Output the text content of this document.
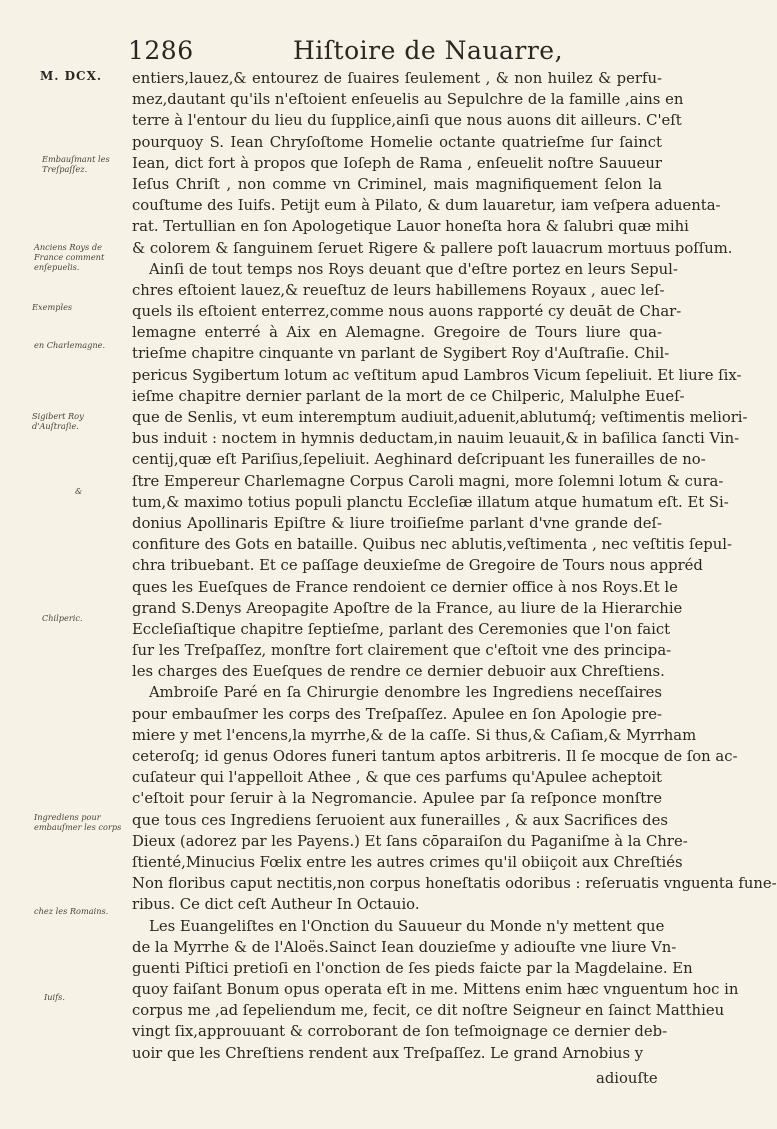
1286	Hiſtoire de Nauarre,
M. DCX.
Embauſmant les Treſpaſſez.
Anciens Roys de France comment enſepuelis.
Exemples
en Charlemagne.
Sigibert Roy d'Auſtraſie.
&
Chilperic.
Ingrediens pour embauſmer les corps
chez les Romains.
Iuifs.
entiers,lauez,& entourez de ſuaires ſeulement , & non huilez & perfu-
mez,dautant qu'ils n'eſtoient enſeuelis au Sepulchre de la famille ,ains en
terre à l'entour du lieu du ſupplice,ainſi que nous auons dit ailleurs. C'eſt
pourquoy S. Iean Chryſoſtome Homelie octante quatrieſme ſur ſainct
Iean, dict fort à propos que Ioſeph de Rama , enſeuelit noſtre Sauueur
Ieſus Chriſt , non comme vn Criminel, mais magnifiquement ſelon la
couſtume des Iuifs. Petijt eum à Pilato, & dum lauaretur, iam veſpera aduenta-
rat. Tertullian en ſon Apologetique Lauor honeſta hora & ſalubri quæ mihi
& colorem & ſanguinem ſeruet Rigere & pallere poſt lauacrum mortuus poſſum.
Ainſi de tout temps nos Roys deuant que d'eſtre portez en leurs Sepul-
chres eſtoient lauez,& reueſtuz de leurs habillemens Royaux , auec leſ-
quels ils eſtoient enterrez,comme nous auons rapporté cy deuāt de Char-
lemagne enterré à Aix en Alemagne. Gregoire de Tours liure qua-
trieſme chapitre cinquante vn parlant de Sygibert Roy d'Auſtraſie. Chil-
pericus Sygibertum lotum ac veſtitum apud Lambros Vicum ſepeliuit. Et liure ſix-
ieſme chapitre dernier parlant de la mort de ce Chilperic, Malulphe Eueſ-
que de Senlis, vt eum interemptum audiuit,aduenit,ablutumq́; veſtimentis meliori-
bus induit : noctem in hymnis deductam,in nauim leuauit,& in baſilica ſancti Vin-
centij,quæ eſt Pariſius,ſepeliuit. Aeghinard deſcripuant les funerailles de no-
ſtre Empereur Charlemagne Corpus Caroli magni, more ſolemni lotum & cura-
tum,& maximo totius populi planctu Eccleſiæ illatum atque humatum eſt. Et Si-
donius Apollinaris Epiſtre & liure troiſieſme parlant d'vne grande deſ-
confiture des Gots en bataille. Quibus nec ablutis,veſtimenta , nec veſtitis ſepul-
chra tribuebant. Et ce paſſage deuxieſme de Gregoire de Tours nous appréd
ques les Eueſques de France rendoient ce dernier office à nos Roys.Et le
grand S.Denys Areopagite Apoſtre de la France, au liure de la Hierarchie
Eccleſiaſtique chapitre ſeptieſme, parlant des Ceremonies que l'on faict
ſur les Treſpaſſez, monſtre fort clairement que c'eſtoit vne des principa-
les charges des Eueſques de rendre ce dernier debuoir aux Chreſtiens.
Ambroiſe Paré en ſa Chirurgie denombre les Ingrediens neceſſaires
pour embauſmer les corps des Treſpaſſez. Apulee en ſon Apologie pre-
miere y met l'encens,la myrrhe,& de la caſſe. Si thus,& Caſiam,& Myrrham
ceteroſq; id genus Odores funeri tantum aptos arbitreris. Il ſe mocque de ſon ac-
cuſateur qui l'appelloit Athee , & que ces parfums qu'Apulee acheptoit
c'eſtoit pour ſeruir à la Negromancie. Apulee par ſa reſponce monſtre
que tous ces Ingrediens ſeruoient aux funerailles , & aux Sacrifices des
Dieux (adorez par les Payens.) Et ſans cōparaiſon du Paganiſme à la Chre-
ſtienté,Minucius Fœlix entre les autres crimes qu'il obiiçoit aux Chreſtiés
Non floribus caput nectitis,non corpus honeſtatis odoribus : reſeruatis vnguenta fune-
ribus. Ce dict ceſt Autheur In Octauio.
Les Euangeliſtes en l'Onction du Sauueur du Monde n'y mettent que
de la Myrrhe & de l'Aloës.Sainct Iean douzieſme y adiouſte vne liure Vn-
guenti Piſtici pretioſi en l'onction de ſes pieds faicte par la Magdelaine. En
quoy faiſant Bonum opus operata eſt in me. Mittens enim hæc vnguentum hoc in
corpus me ,ad ſepeliendum me, fecit, ce dit noſtre Seigneur en ſainct Matthieu
vingt ſix,approuuant & corroborant de ſon teſmoignage ce dernier deb-
uoir que les Chreſtiens rendent aux Treſpaſſez. Le grand Arnobius y
adiouſte
